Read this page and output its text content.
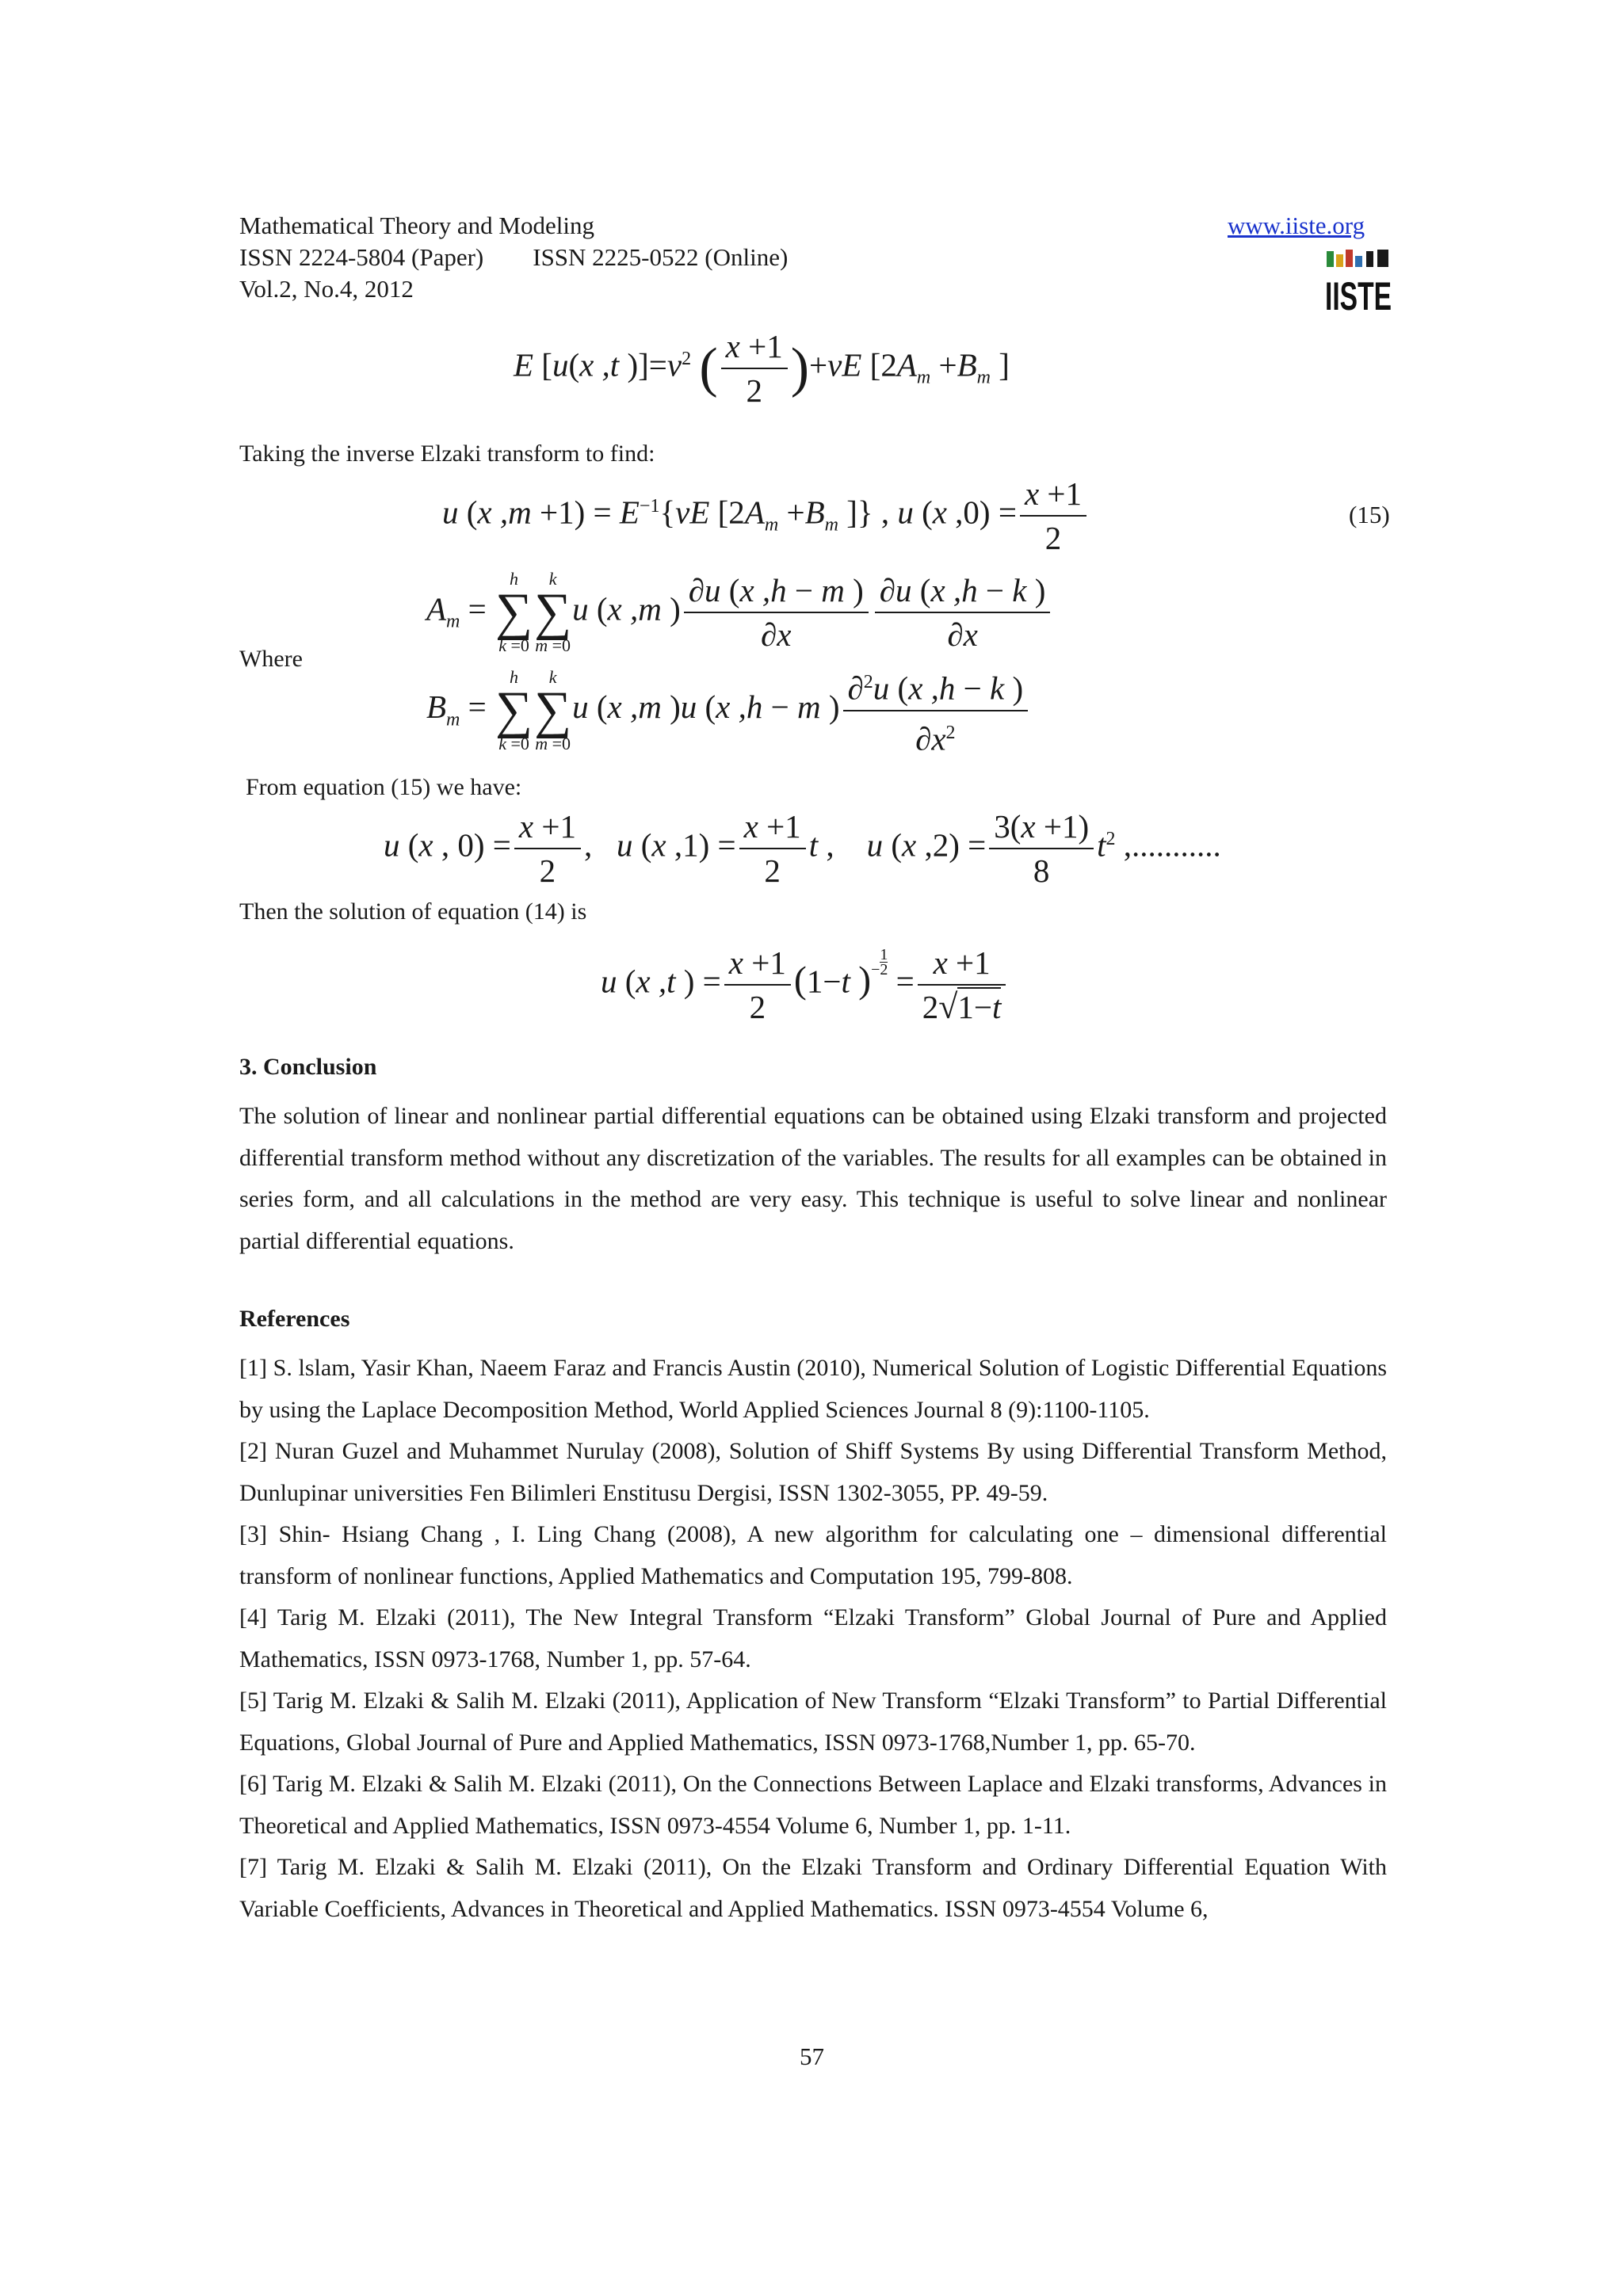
Mathematical Theory and Modeling
ISSN 2224-5804 (Paper)        ISSN 2225-0522 (Online)
Vol.2, No.4, 2012
www.iiste.org
IISTE
E [u(x ,t )]$=v^2$ ( $\frac{x +1}{2} )+vE$ [$2A_m +B_m$ ]
Taking the inverse Elzaki transform to find:
u (x $,m +1) = E^{-1}\{vE$ [$2A_m +B_m$ ]} , u (x $,0) = \frac{x +1}{2}$	(15)
Where
$A_m$ =
h
∑
k =0
k
∑
m =0
u (x ,m ) $\frac{\partial u (x ,h - m )}{\partial x} \frac{\partial u (x ,h - k )}{\partial x}$
$B_m$ =
h
∑
k =0
k
∑
m =0
u (x ,m )u (x ,h − m ) $\frac{\partial^2u (x ,h - k )}{\partial x^2}$
From equation (15) we have:
u (x , $0) = \frac{x +1}{2}$ ,   u (x $,1) = \frac{x +1}{2}$ t ,    u (x $,2) = \frac{3(x +1)}{8} t^2$ ,...........
Then the solution of equation (14) is
u (x ,t ) = $\frac{x +1}{2} (1-t$ )$^{- \frac{1}{2}}$
= $\frac{x +1}{2√1-t}$
3. Conclusion
The solution of linear and nonlinear partial differential equations can be obtained using Elzaki transform and projected differential transform method without any discretization of the variables. The results for all examples can be obtained in series form, and all calculations in the method are very easy. This technique is useful to solve linear and nonlinear partial differential equations.
References

[1] S. lslam, Yasir Khan, Naeem Faraz and Francis Austin (2010), Numerical Solution of Logistic Differential Equations by using the Laplace Decomposition Method, World Applied Sciences Journal 8 (9):1100-1105.

[2] Nuran Guzel and Muhammet Nurulay (2008), Solution of Shiff Systems By using Differential Transform Method, Dunlupinar universities Fen Bilimleri Enstitusu Dergisi, ISSN 1302-3055, PP. 49-59.

[3] Shin- Hsiang Chang , I. Ling Chang (2008), A new algorithm for calculating one – dimensional differential transform of nonlinear functions, Applied Mathematics and Computation 195, 799-808.

[4] Tarig M. Elzaki (2011), The New Integral Transform “Elzaki Transform” Global Journal of Pure and Applied Mathematics, ISSN 0973-1768, Number 1, pp. 57-64.

[5] Tarig M. Elzaki & Salih M. Elzaki (2011), Application of New Transform “Elzaki Transform” to Partial Differential Equations, Global Journal of Pure and Applied Mathematics, ISSN 0973-1768,Number 1, pp. 65-70.

[6] Tarig M. Elzaki & Salih M. Elzaki (2011), On the Connections Between Laplace and Elzaki transforms, Advances in Theoretical and Applied Mathematics, ISSN 0973-4554 Volume 6, Number 1, pp. 1-11.

[7] Tarig M. Elzaki & Salih M. Elzaki (2011), On the Elzaki Transform and Ordinary Differential Equation With Variable Coefficients, Advances in Theoretical and Applied Mathematics. ISSN 0973-4554 Volume 6,

57
